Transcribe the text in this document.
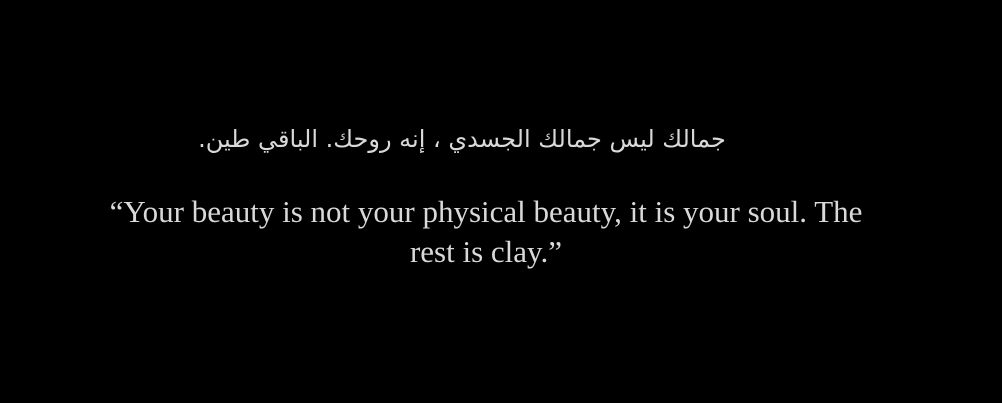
جمالك ليس جمالك الجسدي ، إنه روحك. الباقي طين.
“Your beauty is not your physical beauty, it is your soul. The
rest is clay.”
